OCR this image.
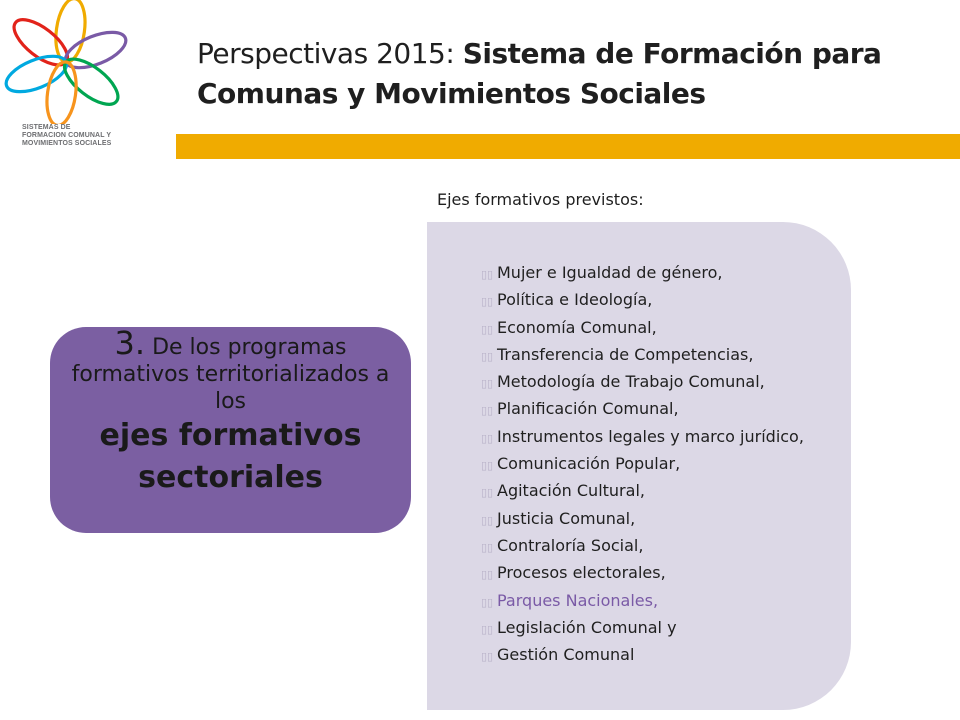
SISTEMAS DE
FORMACION COMUNAL Y
MOVIMIENTOS SOCIALES
Perspectivas 2015: Sistema de Formación para Comunas y Movimientos Sociales
Ejes formativos previstos:
▯▯ Mujer e Igualdad de género,
▯▯ Política e Ideología,
▯▯ Economía Comunal,
▯▯ Transferencia de Competencias,
▯▯ Metodología de Trabajo Comunal,
▯▯ Planificación Comunal,
▯▯ Instrumentos legales y marco jurídico,
▯▯ Comunicación Popular,
▯▯ Agitación Cultural,
▯▯ Justicia Comunal,
▯▯ Contraloría Social,
▯▯ Procesos electorales,
▯▯ Parques Nacionales,
▯▯ Legislación Comunal y
▯▯ Gestión Comunal
3. De los programas formativos territorializados a los
ejes formativos sectoriales
